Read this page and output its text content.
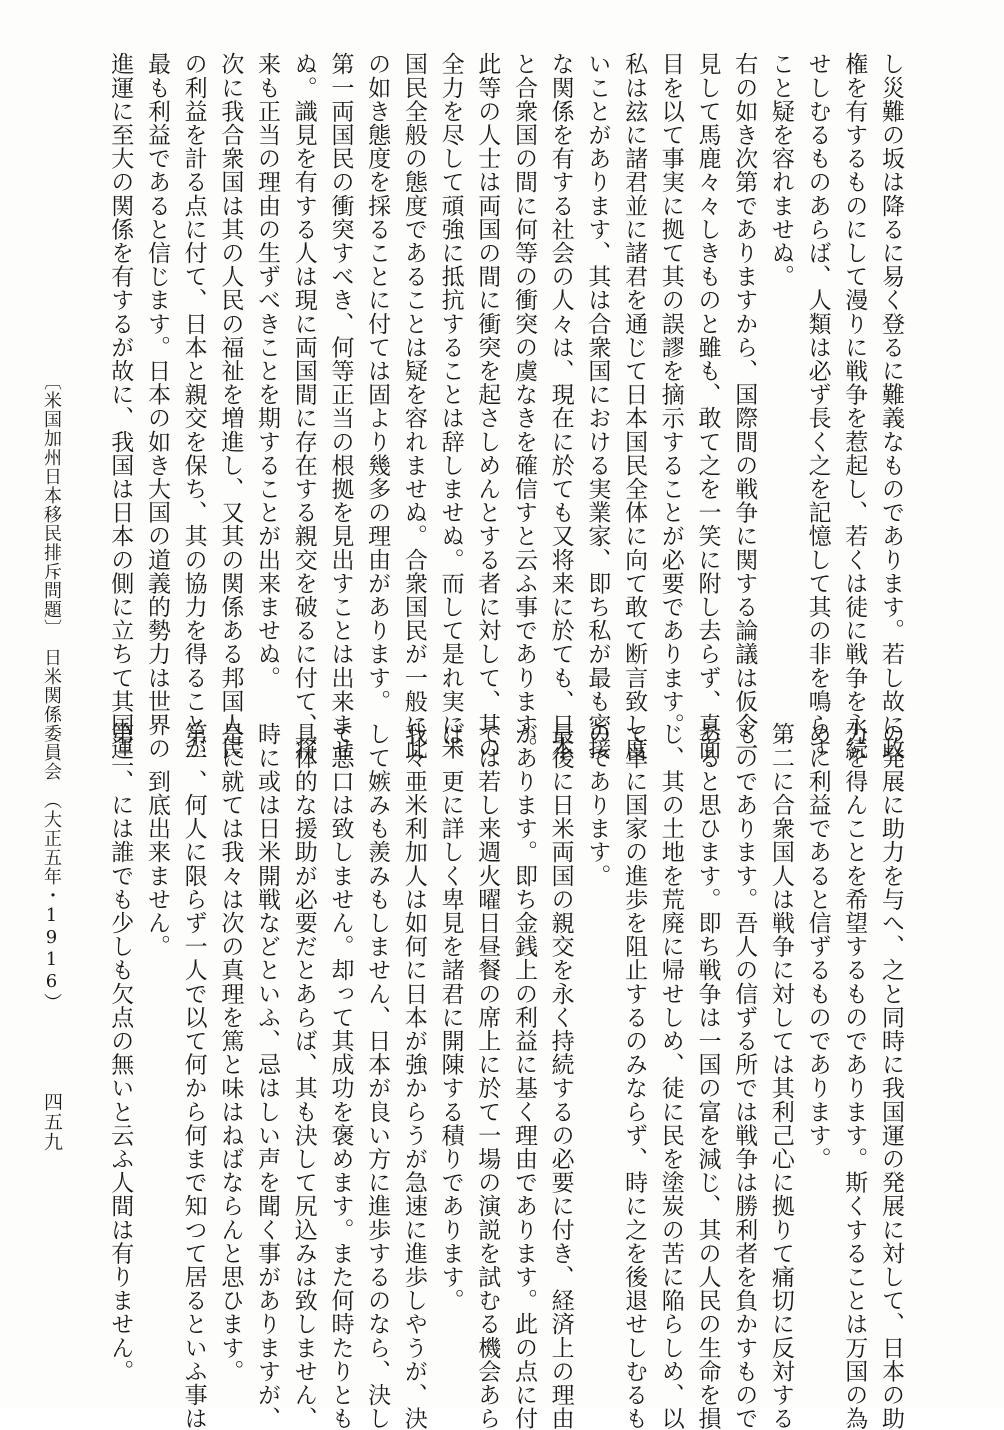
し災難の坂は降るに易く登るに難義なものであります。若し故に政
権を有するものにして漫りに戦争を惹起し、若くは徒に戦争を永続
せしむるものあらば、人類は必ず長く之を記憶して其の非を鳴らす
こと疑を容れませぬ。
右の如き次第でありますから、国際間の戦争に関する論議は仮令一
見して馬鹿々々しきものと雖も、敢て之を一笑に附し去らず、真面
目を以て事実に拠て其の誤謬を摘示することが必要であります。
私は玆に諸君並に諸君を通じて日本国民全体に向て敢て断言致し度
いことがあります、其は合衆国における実業家、即ち私が最も密接
な関係を有する社会の人々は、現在に於ても又将来に於ても、日本
と合衆国の間に何等の衝突の虞なきを確信すと云ふ事であります。
此等の人士は両国の間に衝突を起さしめんとする者に対して、其の
全力を尽して頑強に抵抗することは辞しませぬ。而して是れ実に米
国民全般の態度であることは疑を容れませぬ。合衆国民が一般に此
の如き態度を採ることに付ては固より幾多の理由があります。
第一両国民の衝突すべき、何等正当の根拠を見出すことは出来ませ
ぬ。識見を有する人は現に両国間に存在する親交を破るに付て、将
来も正当の理由の生ずべきことを期することが出来ませぬ。
次に我合衆国は其の人民の福祉を増進し、又其の関係ある邦国人民
の利益を計る点に付て、日本と親交を保ち、其の協力を得ることが
最も利益であると信じます。日本の如き大国の道義的勢力は世界の
進運に至大の関係を有するが故に、我国は日本の側に立ちて其国運
の発展に助力を与へ、之と同時に我国運の発展に対して、日本の助
力を得んことを希望するものであります。斯くすることは万国の為
めに利益であると信ずるものであります。
第二に合衆国人は戦争に対しては其利己心に拠りて痛切に反対する
ものであります。吾人の信ずる所では戦争は勝利者を負かすもので
あると思ひます。即ち戦争は一国の富を減じ、其の人民の生命を損
じ、其の土地を荒廃に帰せしめ、徒に民を塗炭の苦に陥らしめ、以
て単に国家の進歩を阻止するのみならず、時に之を後退せしむるも
のであります。
最後に日米両国の親交を永く持続するの必要に付き、経済上の理由
があります。即ち金銭上の利益に基く理由であります。此の点に付
ては若し来週火曜日昼餐の席上に於て一場の演説を試むる機会あら
ば、更に詳しく卑見を諸君に開陳する積りであります。
我々亜米利加人は如何に日本が強からうが急速に進歩しやうが、決
して嫉みも羨みもしません、日本が良い方に進歩するのなら、決し
て悪口は致しません。却って其成功を褒めます。また何時たりとも
具体的な援助が必要だとあらば、其も決して尻込みは致しません、
時に或は日米開戦などといふ、忌はしい声を聞く事がありますが、
是に就ては我々は次の真理を篤と味はねばならんと思ひます。
第一、何人に限らず一人で以て何から何まで知つて居るといふ事は
　　到底出来ません。
第二、には誰でも少しも欠点の無いと云ふ人間は有りません。
〔米国加州日本移民排斥問題〕　日米関係委員会　（大正五年・1916）
四五九
